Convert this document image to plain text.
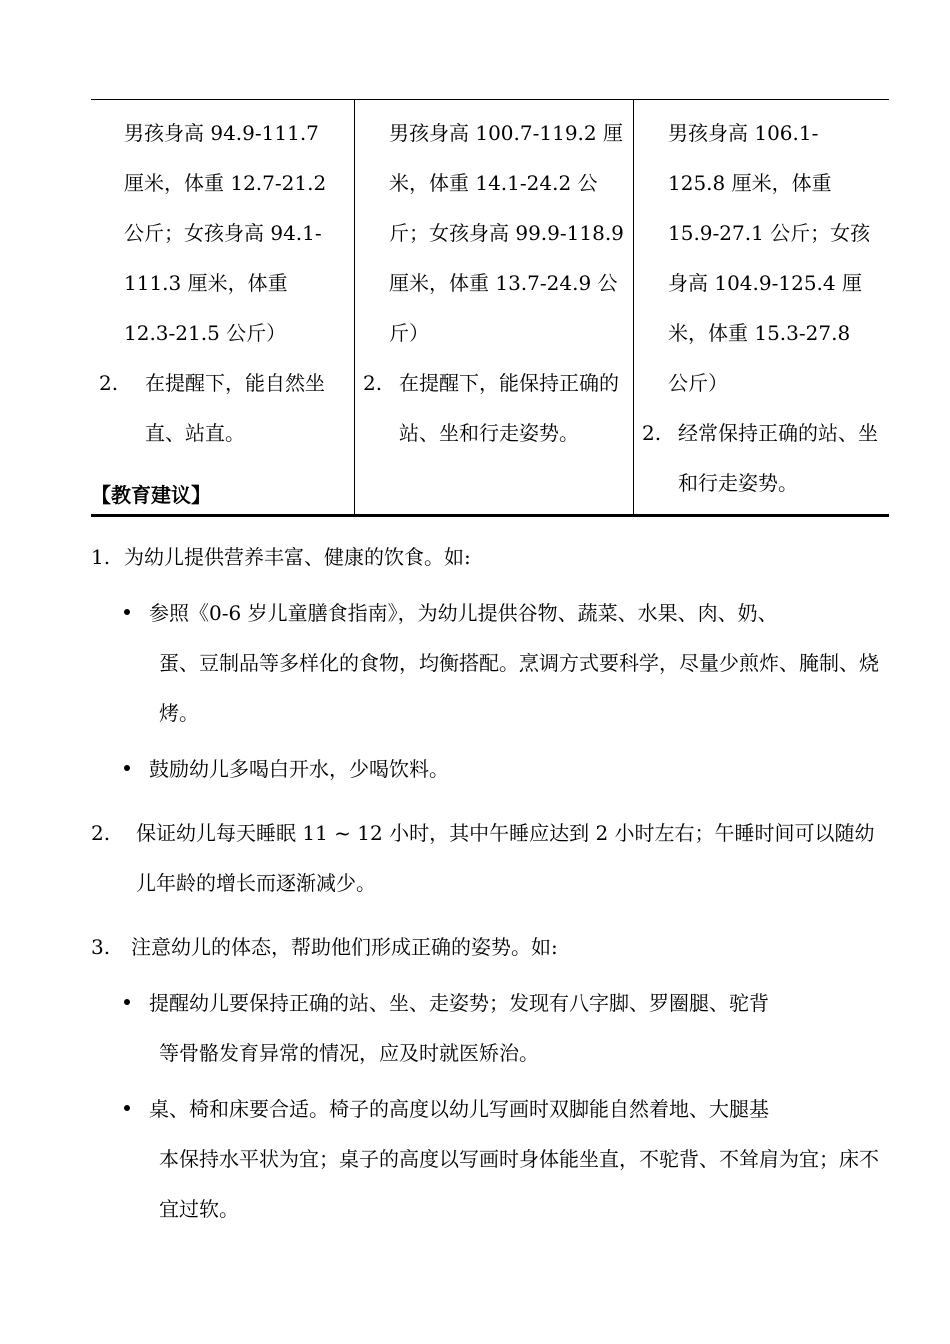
男孩身高 94.9-111.7 厘米，体重 12.7-21.2 公斤；女孩身高 94.1-111.3 厘米，体重 12.3-21.5 公斤）
2. 在提醒下，能自然坐直、站直。

男孩身高 100.7-119.2 厘米，体重 14.1-24.2 公斤；女孩身高 99.9-118.9 厘米，体重 13.7-24.9 公斤）
2. 在提醒下，能保持正确的站、坐和行走姿势。

男孩身高 106.1-125.8 厘米，体重 15.9-27.1 公斤；女孩身高 104.9-125.4 厘米，体重 15.3-27.8 公斤）
2. 经常保持正确的站、坐和行走姿势。
【教育建议】
1. 为幼儿提供营养丰富、健康的饮食。如:
参照《0-6 岁儿童膳食指南》，为幼儿提供谷物、蔬菜、水果、肉、奶、
蛋、豆制品等多样化的食物，均衡搭配。烹调方式要科学，尽量少煎炸、腌制、烧烤。
鼓励幼儿多喝白开水，少喝饮料。
2.	保证幼儿每天睡眠 11 ~ 12 小时，其中午睡应达到 2 小时左右；午睡时间可以随幼儿年龄的增长而逐渐减少。
3.	注意幼儿的体态，帮助他们形成正确的姿势。如:
提醒幼儿要保持正确的站、坐、走姿势；发现有八字脚、罗圈腿、驼背
等骨骼发育异常的情况，应及时就医矫治。
桌、椅和床要合适。椅子的高度以幼儿写画时双脚能自然着地、大腿基
本保持水平状为宜；桌子的高度以写画时身体能坐直，不驼背、不耸肩为宜；床不宜过软。
